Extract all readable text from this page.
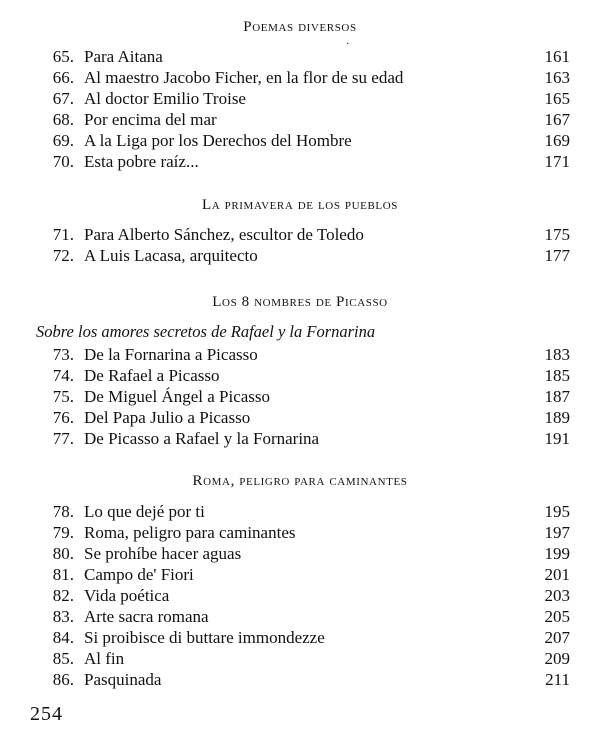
Poemas diversos
·
65. Para Aitana	161
66. Al maestro Jacobo Ficher, en la flor de su edad	163
67. Al doctor Emilio Troise	165
68. Por encima del mar	167
69. A la Liga por los Derechos del Hombre	169
70. Esta pobre raíz...	171
La primavera de los pueblos
71. Para Alberto Sánchez, escultor de Toledo	175
72. A Luis Lacasa, arquitecto	177
Los 8 nombres de Picasso
Sobre los amores secretos de Rafael y la Fornarina
73. De la Fornarina a Picasso	183
74. De Rafael a Picasso	185
75. De Miguel Ángel a Picasso	187
76. Del Papa Julio a Picasso	189
77. De Picasso a Rafael y la Fornarina	191
Roma, peligro para caminantes
78. Lo que dejé por ti	195
79. Roma, peligro para caminantes	197
80. Se prohíbe hacer aguas	199
81. Campo de' Fiori	201
82. Vida poética	203
83. Arte sacra romana	205
84. Si proibisce di buttare immondezze	207
85. Al fin	209
86. Pasquinada	211
254
